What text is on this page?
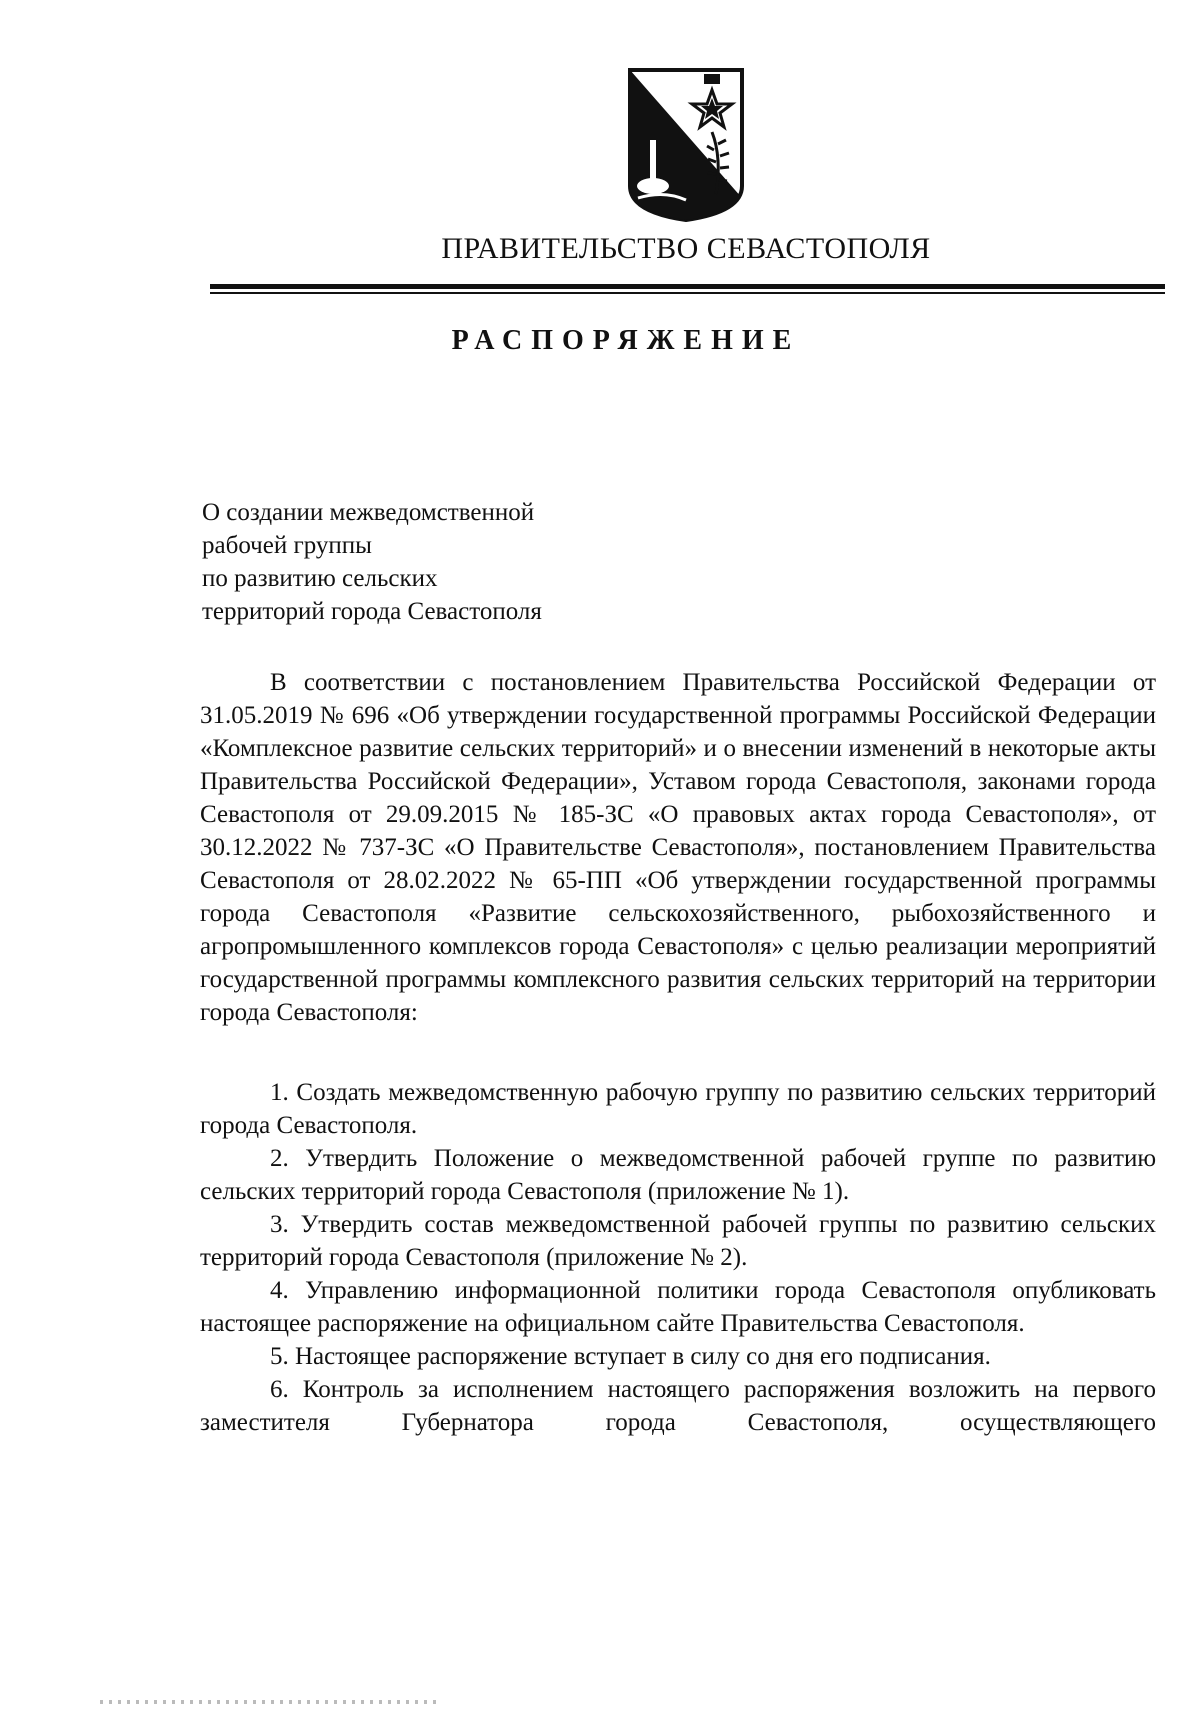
ПРАВИТЕЛЬСТВО СЕВАСТОПОЛЯ
РАСПОРЯЖЕНИЕ
О создании межведомственной
рабочей группы
по развитию сельских
территорий города Севастополя

В соответствии с постановлением Правительства Российской Федерации от 31.05.2019 № 696 «Об утверждении государственной программы Российской Федерации «Комплексное развитие сельских территорий» и о внесении изменений в некоторые акты Правительства Российской Федерации», Уставом города Севастополя, законами города Севастополя от 29.09.2015 № 185-ЗС «О правовых актах города Севастополя», от 30.12.2022 № 737-ЗС «О Правительстве Севастополя», постановлением Правительства Севастополя от 28.02.2022 № 65-ПП «Об утверждении государственной программы города Севастополя «Развитие сельскохозяйственного, рыбохозяйственного и агропромышленного комплексов города Севастополя» с целью реализации мероприятий государственной программы комплексного развития сельских территорий на территории города Севастополя:

1. Создать межведомственную рабочую группу по развитию сельских территорий города Севастополя.

2. Утвердить Положение о межведомственной рабочей группе по развитию сельских территорий города Севастополя (приложение № 1).

3. Утвердить состав межведомственной рабочей группы по развитию сельских территорий города Севастополя (приложение № 2).

4. Управлению информационной политики города Севастополя опубликовать настоящее распоряжение на официальном сайте Правительства Севастополя.

5. Настоящее распоряжение вступает в силу со дня его подписания.

6. Контроль за исполнением настоящего распоряжения возложить на первого заместителя Губернатора города Севастополя, осуществляющего
